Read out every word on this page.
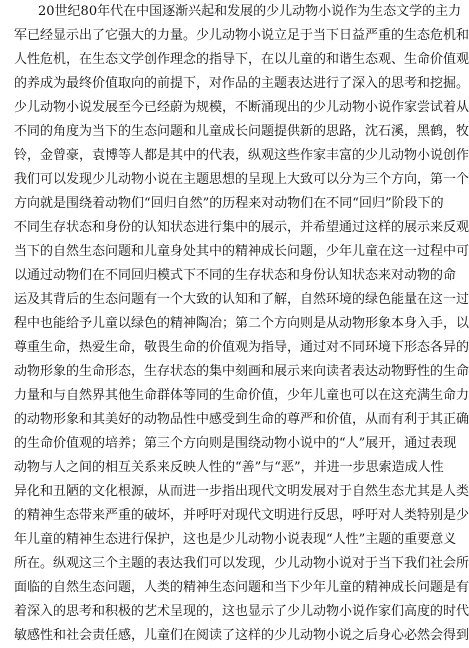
20世纪80年代在中国逐渐兴起和发展的少儿动物小说作为生态文学的主力
军已经显示出了它强大的力量。少儿动物小说立足于当下日益严重的生态危机和
人性危机，在生态文学创作理念的指导下，在以儿童的和谐生态观、生命价值观
的养成为最终价值取向的前提下，对作品的主题表达进行了深入的思考和挖掘。
少儿动物小说发展至今已经蔚为规模，不断涌现出的少儿动物小说作家尝试着从
不同的角度为当下的生态问题和儿童成长问题提供新的思路，沈石溪，黑鹤，牧
铃，金曾豪，袁博等人都是其中的代表，纵观这些作家丰富的少儿动物小说创作
我们可以发现少儿动物小说在主题思想的呈现上大致可以分为三个方向，第一个
方向就是围绕着动物们“回归自然”的历程来对动物们在不同“回归”阶段下的
不同生存状态和身份的认知状态进行集中的展示，并希望通过这样的展示来反观
当下的自然生态问题和儿童身处其中的精神成长问题，少年儿童在这一过程中可
以通过动物们在不同回归模式下不同的生存状态和身份认知状态来对动物的命
运及其背后的生态问题有一个大致的认知和了解，自然环境的绿色能量在这一过
程中也能给予儿童以绿色的精神陶冶；第二个方向则是从动物形象本身入手，以
尊重生命，热爱生命，敬畏生命的价值观为指导，通过对不同环境下形态各异的
动物形象的生命形态，生存状态的集中刻画和展示来向读者表达动物野性的生命
力量和与自然界其他生命群体等同的生命价值，少年儿童也可以在这充满生命力
的动物形象和其美好的动物品性中感受到生命的尊严和价值，从而有利于其正确
的生命价值观的培养；第三个方向则是围绕动物小说中的“人”展开，通过表现
动物与人之间的相互关系来反映人性的“善”与“恶”，并进一步思索造成人性
异化和丑陋的文化根源，从而进一步指出现代文明发展对于自然生态尤其是人类
的精神生态带来严重的破坏，并呼吁对现代文明进行反思，呼吁对人类特别是少
年儿童的精神生态进行保护，这也是少儿动物小说表现“人性”主题的重要意义
所在。纵观这三个主题的表达我们可以发现，少儿动物小说对于当下我们社会所
面临的自然生态问题，人类的精神生态问题和当下少年儿童的精神成长问题是有
着深入的思考和积极的艺术呈现的，这也显示了少儿动物小说作家们高度的时代
敏感性和社会责任感，儿童们在阅读了这样的少儿动物小说之后身心必然会得到
